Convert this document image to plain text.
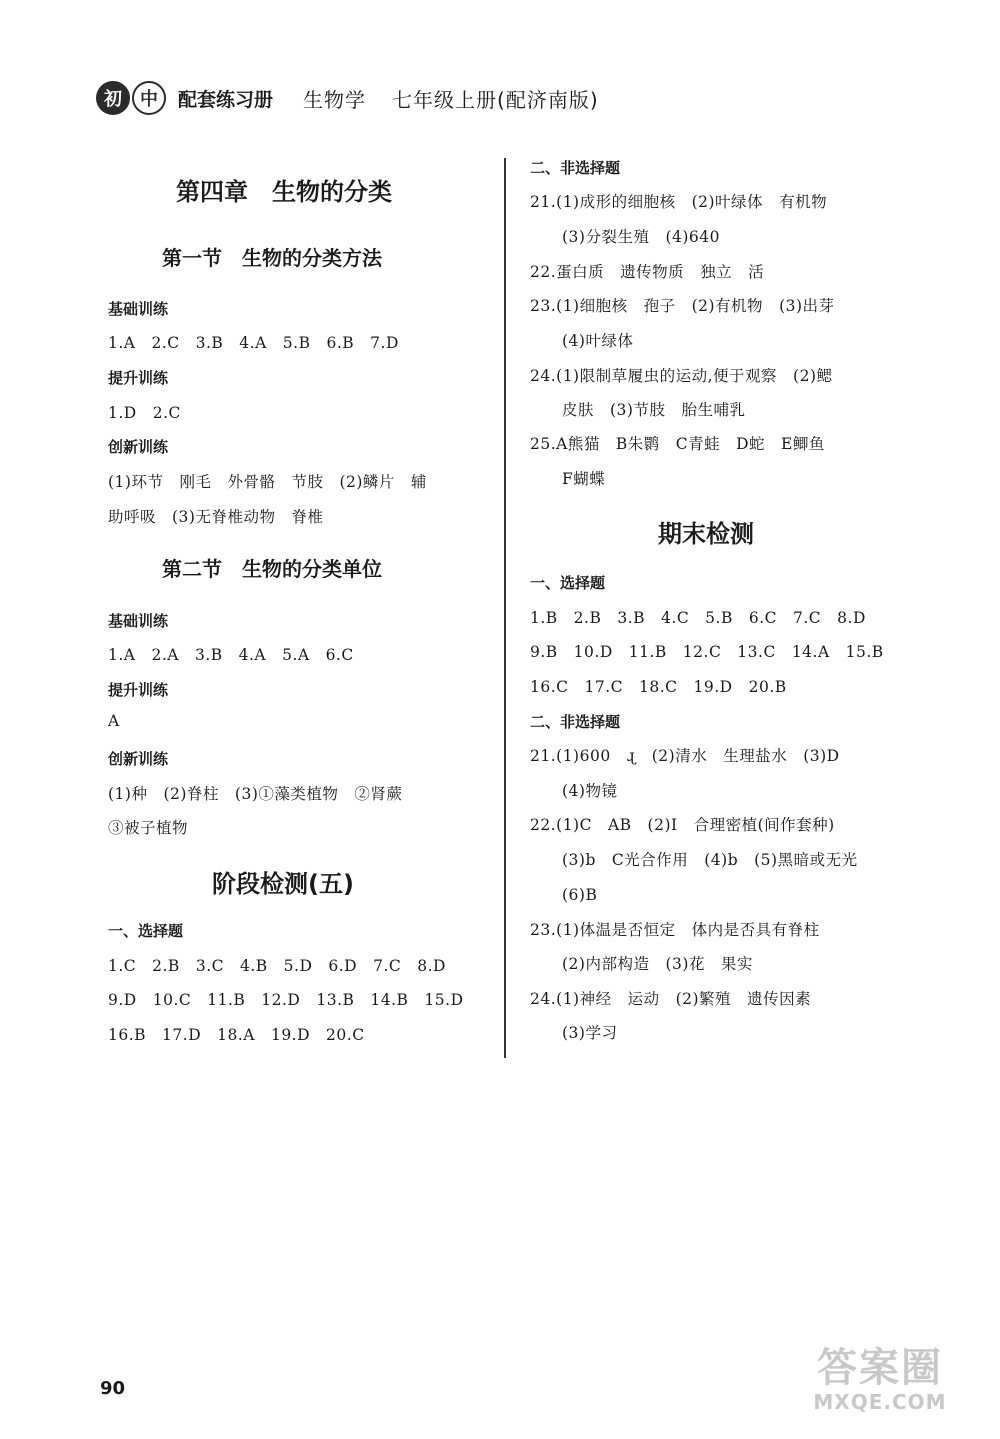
初	中	配套练习册 生物学 七年级上册(配济南版)
第四章　生物的分类
第一节　生物的分类方法
基础训练
1.A　2.C　3.B　4.A　5.B　6.B　7.D
提升训练
1.D　2.C
创新训练
(1)环节　刚毛　外骨骼　节肢　(2)鳞片　辅
助呼吸　(3)无脊椎动物　脊椎
第二节　生物的分类单位
基础训练
1.A　2.A　3.B　4.A　5.A　6.C
提升训练
A
创新训练
(1)种　(2)脊柱　(3)①藻类植物　②肾蕨
③被子植物
阶段检测(五)
一、选择题
1.C　2.B　3.C　4.B　5.D　6.D　7.C　8.D
9.D　10.C　11.B　12.D　13.B　14.B　15.D
16.B　17.D　18.A　19.D　20.C
二、非选择题
21.(1)成形的细胞核　(2)叶绿体　有机物
　　(3)分裂生殖　(4)640
22.蛋白质　遗传物质　独立　活
23.(1)细胞核　孢子　(2)有机物　(3)出芽
　　(4)叶绿体
24.(1)限制草履虫的运动,便于观察　(2)鳃
　　皮肤　(3)节肢　胎生哺乳
25.A熊猫　B朱鹮　C青蛙　D蛇　E鲫鱼
　　F蝴蝶
期末检测
一、选择题
1.B　2.B　3.B　4.C　5.B　6.C　7.C　8.D
9.B　10.D　11.B　12.C　13.C　14.A　15.B
16.C　17.C　18.C　19.D　20.B
二、非选择题
21.(1)600　ɻ　(2)清水　生理盐水　(3)D
　　(4)物镜
22.(1)C　AB　(2)Ⅰ　合理密植(间作套种)
　　(3)b　C光合作用　(4)b　(5)黑暗或无光
　　(6)B
23.(1)体温是否恒定　体内是否具有脊柱
　　(2)内部构造　(3)花　果实
24.(1)神经　运动　(2)繁殖　遗传因素
　　(3)学习
90	答案圈
MXQE.COM
